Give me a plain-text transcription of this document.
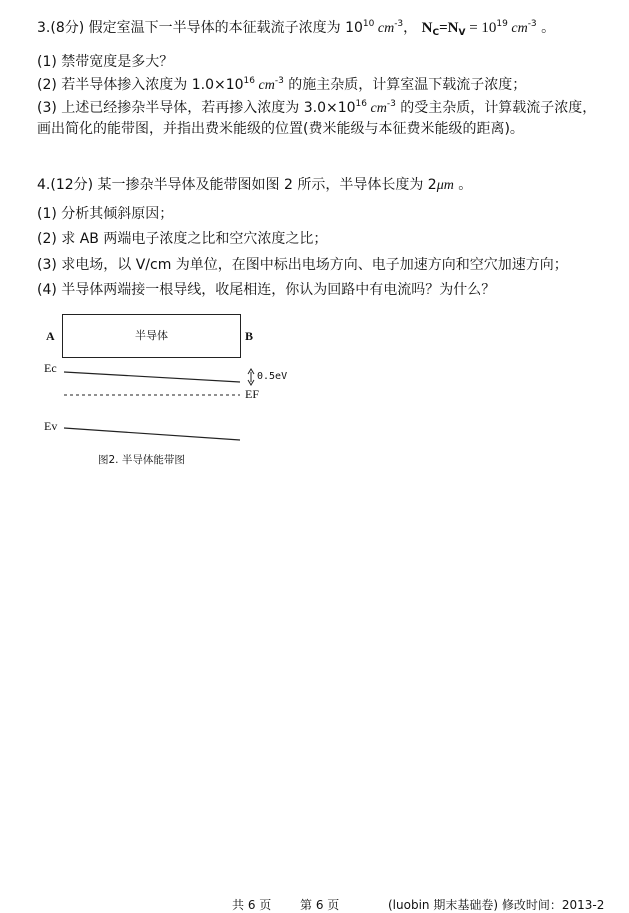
3.(8分) 假定室温下一半导体的本征载流子浓度为 $10^{10}$ $cm^{-3}$， $N_C=N_V = 10^{19}$ $cm^{-3}$ 。
(1) 禁带宽度是多大？
(2) 若半导体掺入浓度为 $1.0\times 10^{16}$ $cm^{-3}$ 的施主杂质，计算室温下载流子浓度；
(3) 上述已经掺杂半导体，若再掺入浓度为 $3.0\times 10^{16}$ $cm^{-3}$ 的受主杂质，计算载流子浓度，
画出简化的能带图，并指出费米能级的位置(费米能级与本征费米能级的距离)。
4.(12分) 某一掺杂半导体及能带图如图 2 所示，半导体长度为 2μm 。
(1) 分析其倾斜原因；
(2) 求 AB 两端电子浓度之比和空穴浓度之比；
(3) 求电场，以 V/cm 为单位，在图中标出电场方向、电子加速方向和空穴加速方向；
(4) 半导体两端接一根导线，收尾相连，你认为回路中有电流吗？为什么？
A	半导体	B
Ec
0.5eV
EF
Ev
图2. 半导体能带图
共 6 页 第 6 页	(luobin 期末基础卷) 修改时间：2013-2
